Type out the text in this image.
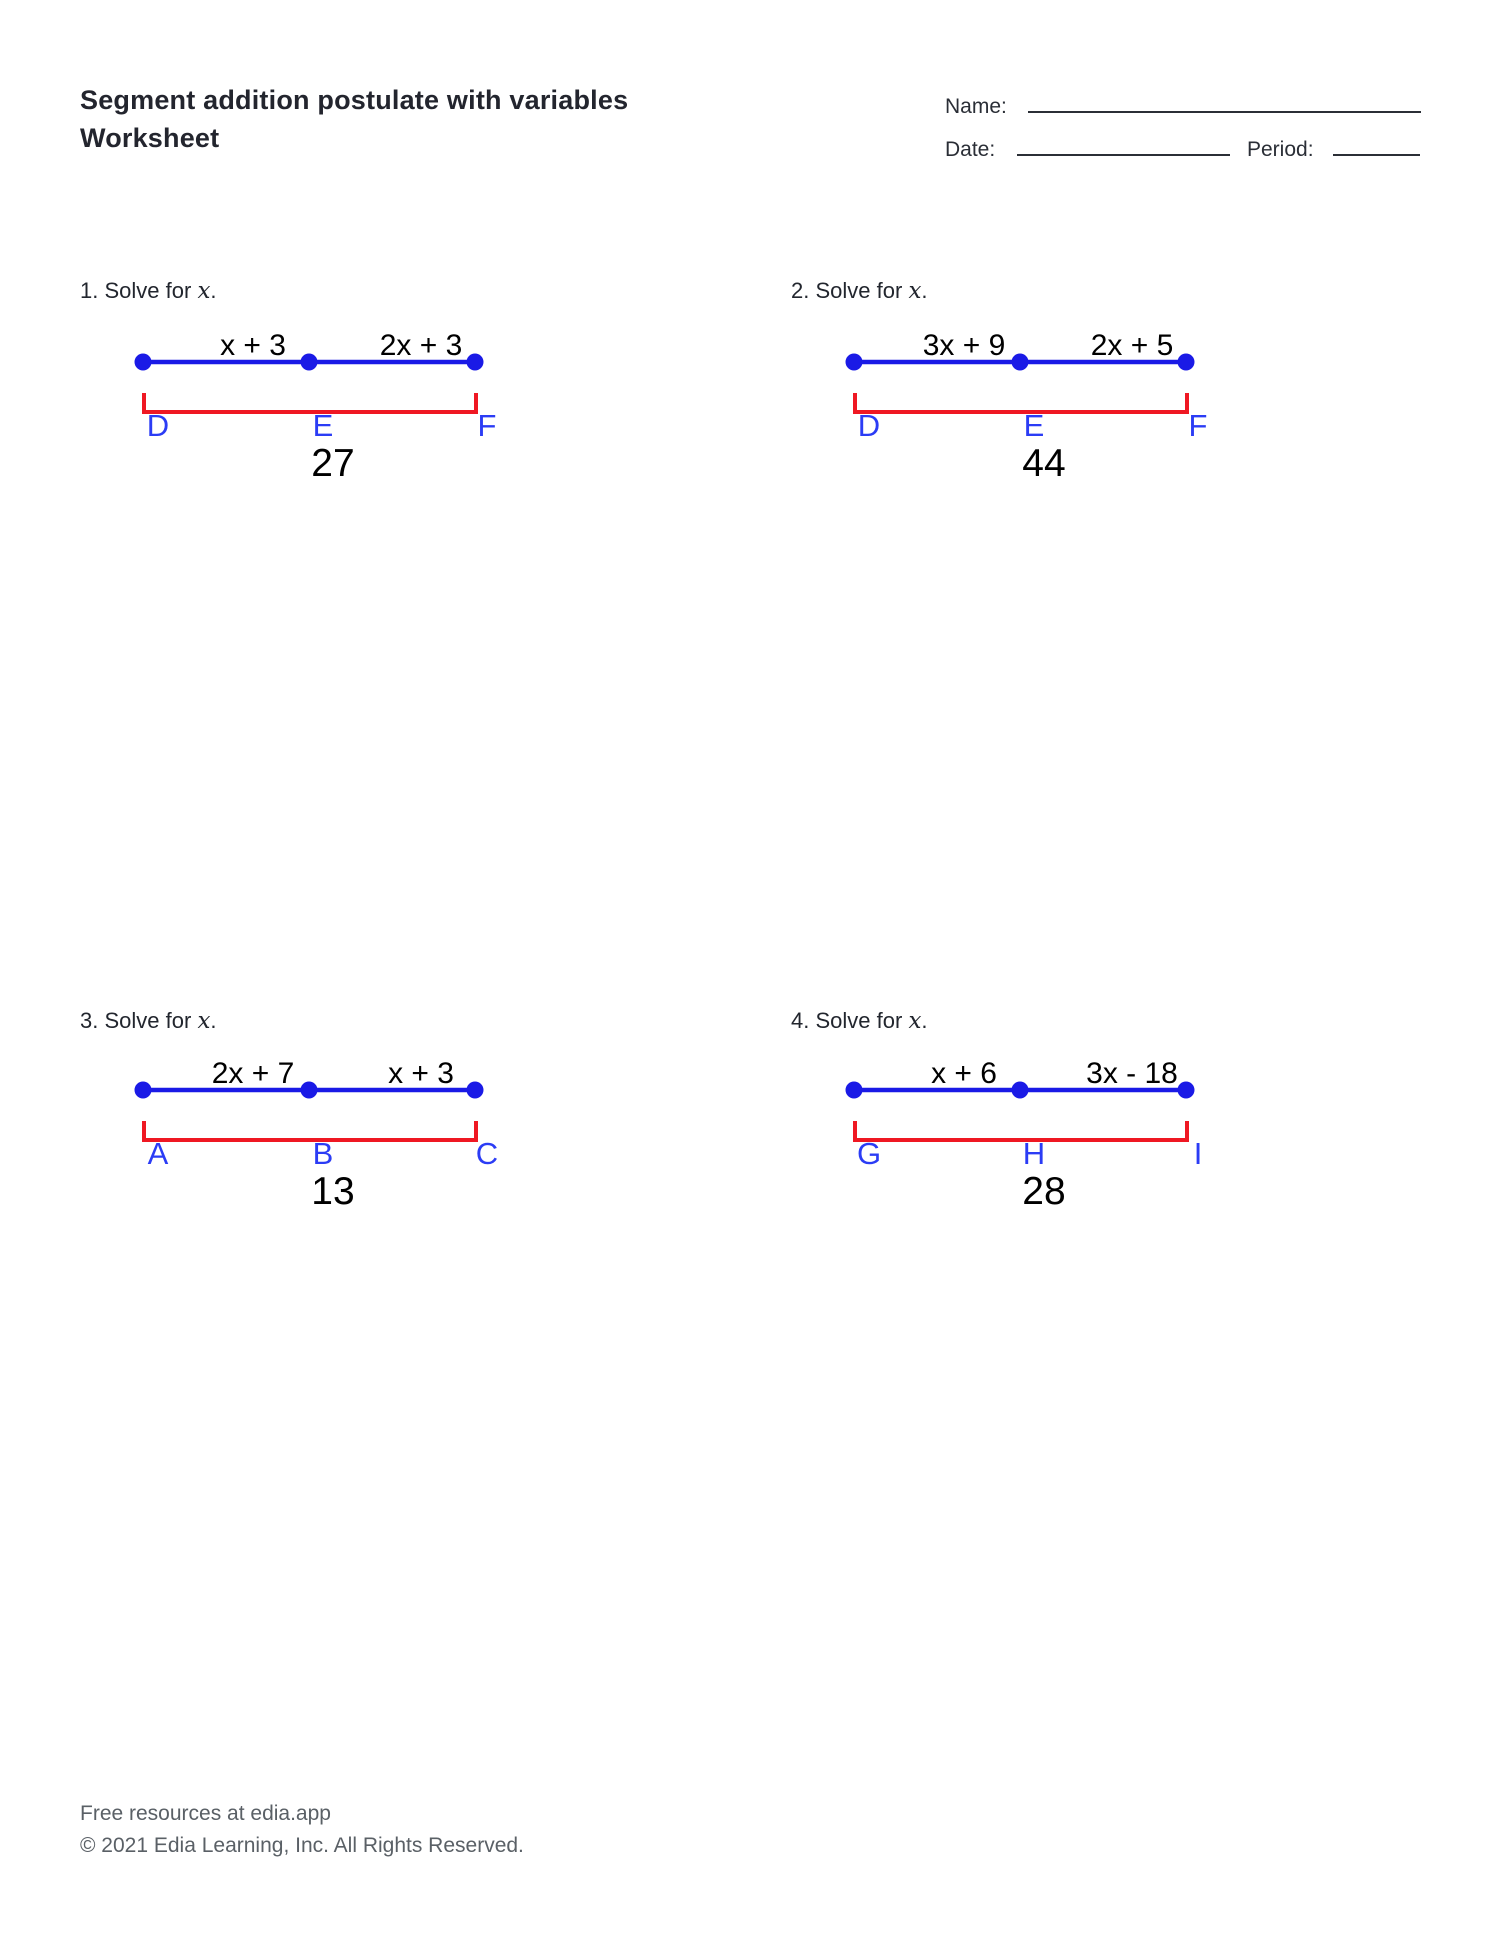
Segment addition postulate with variables
Worksheet
Name:
Date:	Period:
1. Solve for x.
x + 3	2x + 3
D	E	F
27
2. Solve for x.
3x + 9	2x + 5
D	E	F
44
3. Solve for x.
2x + 7	x + 3
A	B	C
13
4. Solve for x.
x + 6	3x - 18
G	H	I
28
Free resources at edia.app
© 2021 Edia Learning, Inc. All Rights Reserved.
